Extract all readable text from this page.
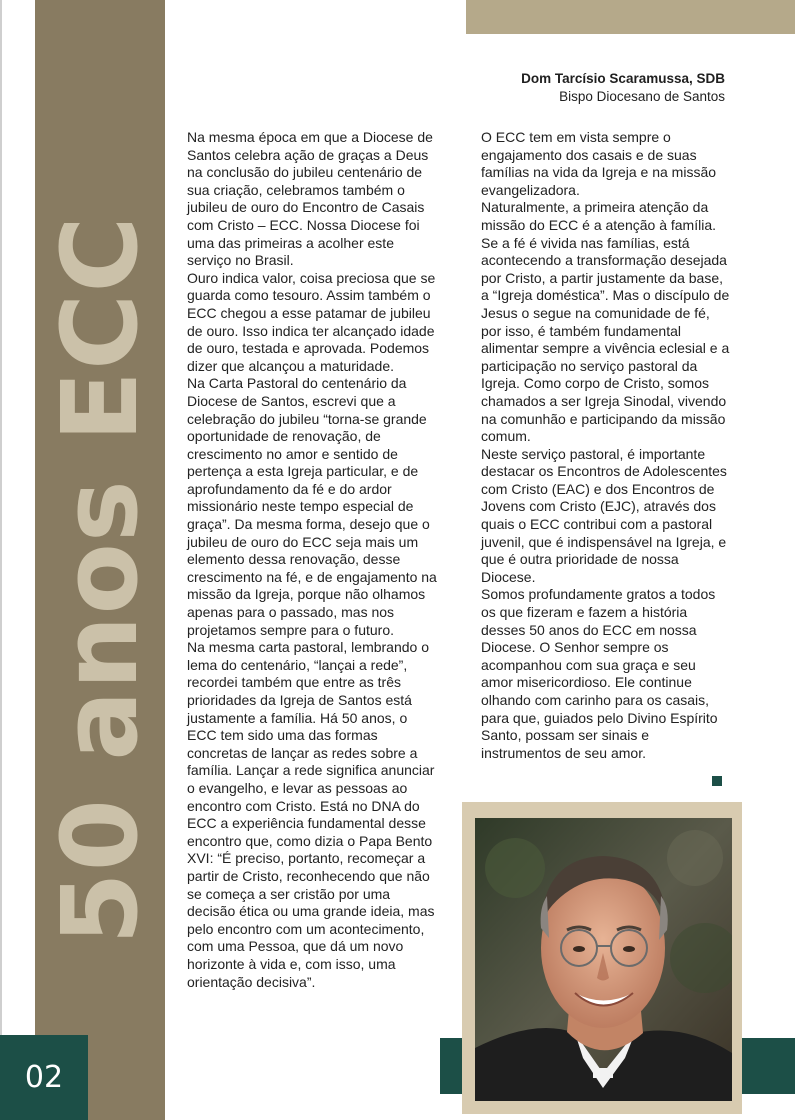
50 anos ECC
Dom Tarcísio Scaramussa, SDB
Bispo Diocesano de Santos

Na mesma época em que a Diocese de Santos celebra ação de graças a Deus na conclusão do jubileu centenário de sua criação, celebramos também o jubileu de ouro do Encontro de Casais com Cristo – ECC. Nossa Diocese foi uma das primeiras a acolher este serviço no Brasil.

Ouro indica valor, coisa preciosa que se guarda como tesouro. Assim também o ECC chegou a esse patamar de jubileu de ouro. Isso indica ter alcançado idade de ouro, testada e aprovada. Podemos dizer que alcançou a maturidade.

Na Carta Pastoral do centenário da Diocese de Santos, escrevi que a celebração do jubileu “torna-se grande oportunidade de renovação, de crescimento no amor e sentido de pertença a esta Igreja particular, e de aprofundamento da fé e do ardor missionário neste tempo especial de graça”. Da mesma forma, desejo que o jubileu de ouro do ECC seja mais um elemento dessa renovação, desse crescimento na fé, e de engajamento na missão da Igreja, porque não olhamos apenas para o passado, mas nos projetamos sempre para o futuro.

Na mesma carta pastoral, lembrando o lema do centenário, “lançai a rede”, recordei também que entre as três prioridades da Igreja de Santos está justamente a família. Há 50 anos, o ECC tem sido uma das formas concretas de lançar as redes sobre a família. Lançar a rede significa anunciar o evangelho, e levar as pessoas ao encontro com Cristo. Está no DNA do ECC a experiência fundamental desse encontro que, como dizia o Papa Bento XVI: “É preciso, portanto, recomeçar a partir de Cristo, reconhecendo que não se começa a ser cristão por uma decisão ética ou uma grande ideia, mas pelo encontro com um acontecimento, com uma Pessoa, que dá um novo horizonte à vida e, com isso, uma orientação decisiva”.

O ECC tem em vista sempre o engajamento dos casais e de suas famílias na vida da Igreja e na missão evangelizadora.

Naturalmente, a primeira atenção da missão do ECC é a atenção à família. Se a fé é vivida nas famílias, está acontecendo a transformação desejada por Cristo, a partir justamente da base, a “Igreja doméstica”. Mas o discípulo de Jesus o segue na comunidade de fé, por isso, é também fundamental alimentar sempre a vivência eclesial e a participação no serviço pastoral da Igreja. Como corpo de Cristo, somos chamados a ser Igreja Sinodal, vivendo na comunhão e participando da missão comum.

Neste serviço pastoral, é importante destacar os Encontros de Adolescentes com Cristo (EAC) e dos Encontros de Jovens com Cristo (EJC), através dos quais o ECC contribui com a pastoral juvenil, que é indispensável na Igreja, e que é outra prioridade de nossa Diocese.

Somos profundamente gratos a todos os que fizeram e fazem a história desses 50 anos do ECC em nossa Diocese. O Senhor sempre os acompanhou com sua graça e seu amor misericordioso. Ele continue olhando com carinho para os casais, para que, guiados pelo Divino Espírito Santo, possam ser sinais e instrumentos de seu amor.

02
